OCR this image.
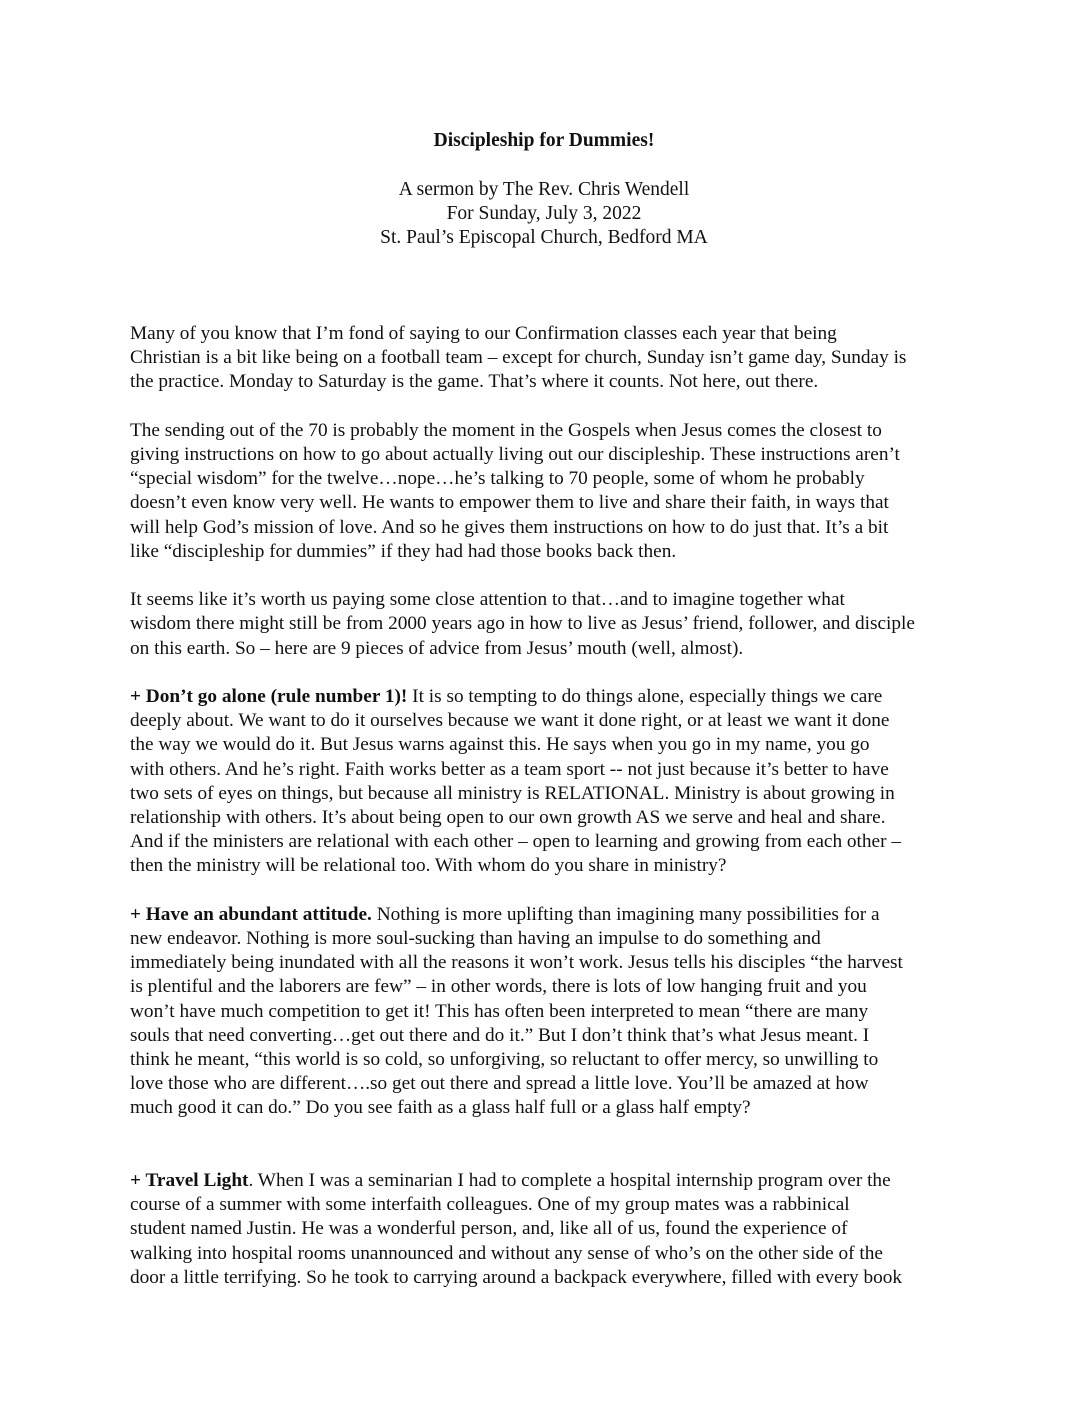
Discipleship for Dummies!
A sermon by The Rev. Chris Wendell
For Sunday, July 3, 2022
St. Paul’s Episcopal Church, Bedford MA

Many of you know that I’m fond of saying to our Confirmation classes each year that being
Christian is a bit like being on a football team – except for church, Sunday isn’t game day, Sunday is
the practice. Monday to Saturday is the game. That’s where it counts. Not here, out there.

The sending out of the 70 is probably the moment in the Gospels when Jesus comes the closest to
giving instructions on how to go about actually living out our discipleship. These instructions aren’t
“special wisdom” for the twelve…nope…he’s talking to 70 people, some of whom he probably
doesn’t even know very well. He wants to empower them to live and share their faith, in ways that
will help God’s mission of love. And so he gives them instructions on how to do just that. It’s a bit
like “discipleship for dummies” if they had had those books back then.

It seems like it’s worth us paying some close attention to that…and to imagine together what
wisdom there might still be from 2000 years ago in how to live as Jesus’ friend, follower, and disciple
on this earth. So – here are 9 pieces of advice from Jesus’ mouth (well, almost).

+ Don’t go alone (rule number 1)! It is so tempting to do things alone, especially things we care
deeply about. We want to do it ourselves because we want it done right, or at least we want it done
the way we would do it. But Jesus warns against this. He says when you go in my name, you go
with others. And he’s right. Faith works better as a team sport -- not just because it’s better to have
two sets of eyes on things, but because all ministry is RELATIONAL. Ministry is about growing in
relationship with others. It’s about being open to our own growth AS we serve and heal and share.
And if the ministers are relational with each other – open to learning and growing from each other –
then the ministry will be relational too. With whom do you share in ministry?

+ Have an abundant attitude. Nothing is more uplifting than imagining many possibilities for a
new endeavor. Nothing is more soul-sucking than having an impulse to do something and
immediately being inundated with all the reasons it won’t work. Jesus tells his disciples “the harvest
is plentiful and the laborers are few” – in other words, there is lots of low hanging fruit and you
won’t have much competition to get it! This has often been interpreted to mean “there are many
souls that need converting…get out there and do it.” But I don’t think that’s what Jesus meant. I
think he meant, “this world is so cold, so unforgiving, so reluctant to offer mercy, so unwilling to
love those who are different….so get out there and spread a little love. You’ll be amazed at how
much good it can do.” Do you see faith as a glass half full or a glass half empty?

+ Travel Light. When I was a seminarian I had to complete a hospital internship program over the
course of a summer with some interfaith colleagues. One of my group mates was a rabbinical
student named Justin. He was a wonderful person, and, like all of us, found the experience of
walking into hospital rooms unannounced and without any sense of who’s on the other side of the
door a little terrifying. So he took to carrying around a backpack everywhere, filled with every book
